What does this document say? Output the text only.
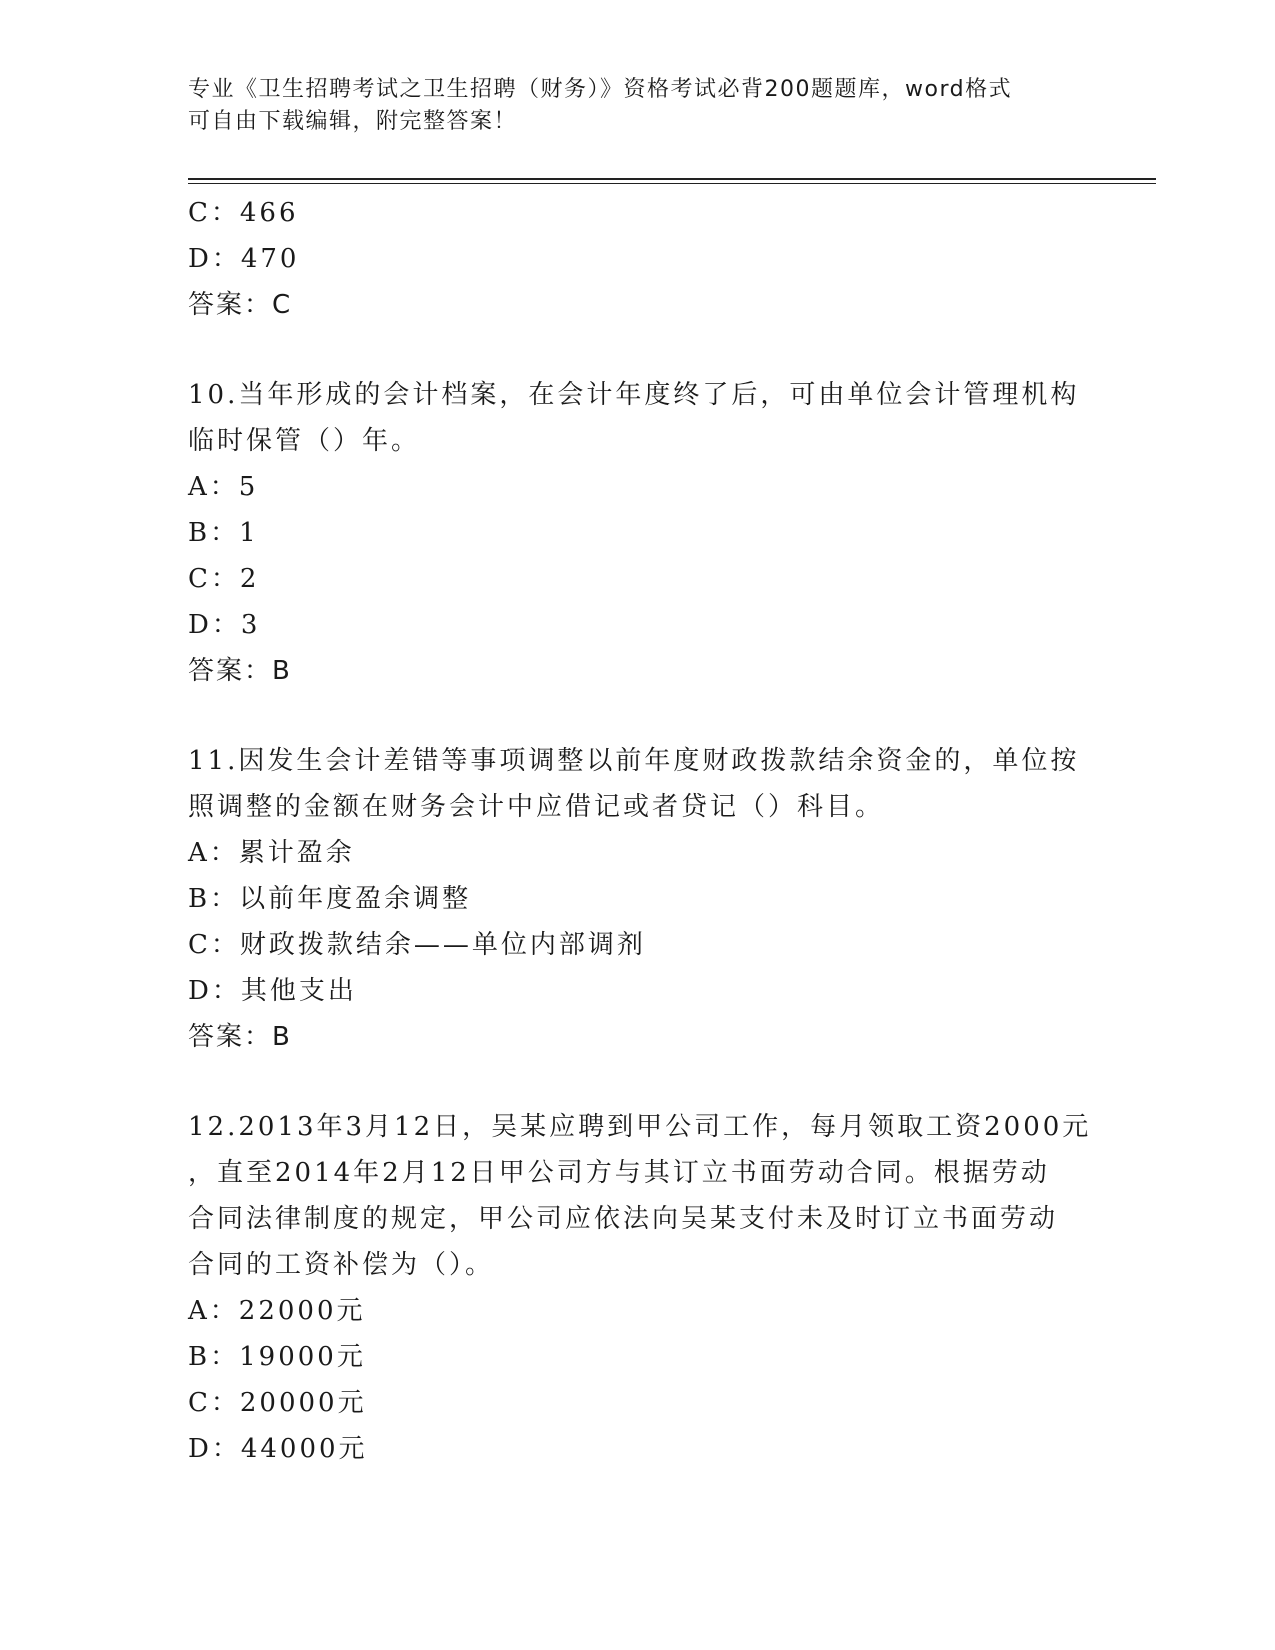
专业《卫生招聘考试之卫生招聘（财务）》资格考试必背200题题库，word格式
可自由下载编辑，附完整答案！
C：466
D：470
答案：C
10.当年形成的会计档案，在会计年度终了后，可由单位会计管理机构
临时保管（）年。
A：5
B：1
C：2
D：3
答案：B
11.因发生会计差错等事项调整以前年度财政拨款结余资金的，单位按
照调整的金额在财务会计中应借记或者贷记（）科目。
A：累计盈余
B：以前年度盈余调整
C：财政拨款结余——单位内部调剂
D：其他支出
答案：B
12.2013年3月12日，吴某应聘到甲公司工作，每月领取工资2000元
，直至2014年2月12日甲公司方与其订立书面劳动合同。根据劳动
合同法律制度的规定，甲公司应依法向吴某支付未及时订立书面劳动
合同的工资补偿为（）。
A：22000元
B：19000元
C：20000元
D：44000元
